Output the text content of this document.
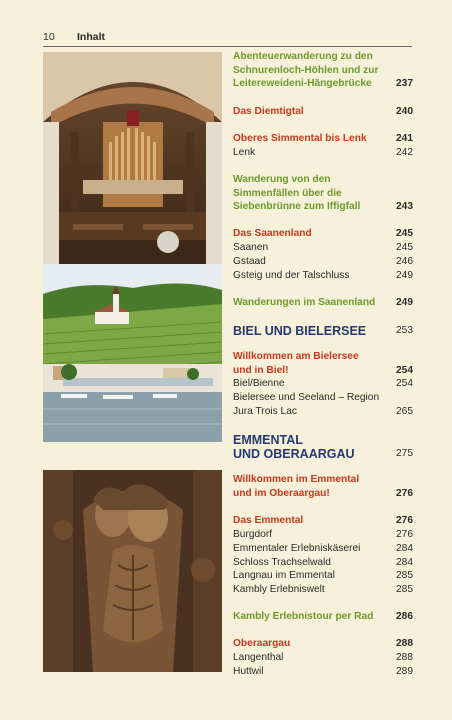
10 Inhalt
Abenteuerwanderung zu den Schnurenloch-Höhlen und zur Leitereweideni-Hängebrücke	237
Das Diemtigtal	240
Oberes Simmental bis Lenk	241
Lenk	242
Wanderung von den Simmenfällen über die Siebenbrünne zum Iffigfall	243
Das Saanenland	245
Saanen	245
Gstaad	246
Gsteig und der Talschluss	249
Wanderungen im Saanenland	249
BIEL UND BIELERSEE	253
Willkommen am Bielersee und in Biel!	254
Biel/Bienne	254
Bielersee und Seeland – Region Jura Trois Lac	265
EMMENTAL
UND OBERAARGAU	275
Willkommen im Emmental und im Oberaargau!	276
Das Emmental	276
Burgdorf	276
Emmentaler Erlebniskäserei	284
Schloss Trachselwald	284
Langnau im Emmental	285
Kambly Erlebniswelt	285
Kambly Erlebnistour per Rad	286
Oberaargau	288
Langenthal	288
Huttwil	289
